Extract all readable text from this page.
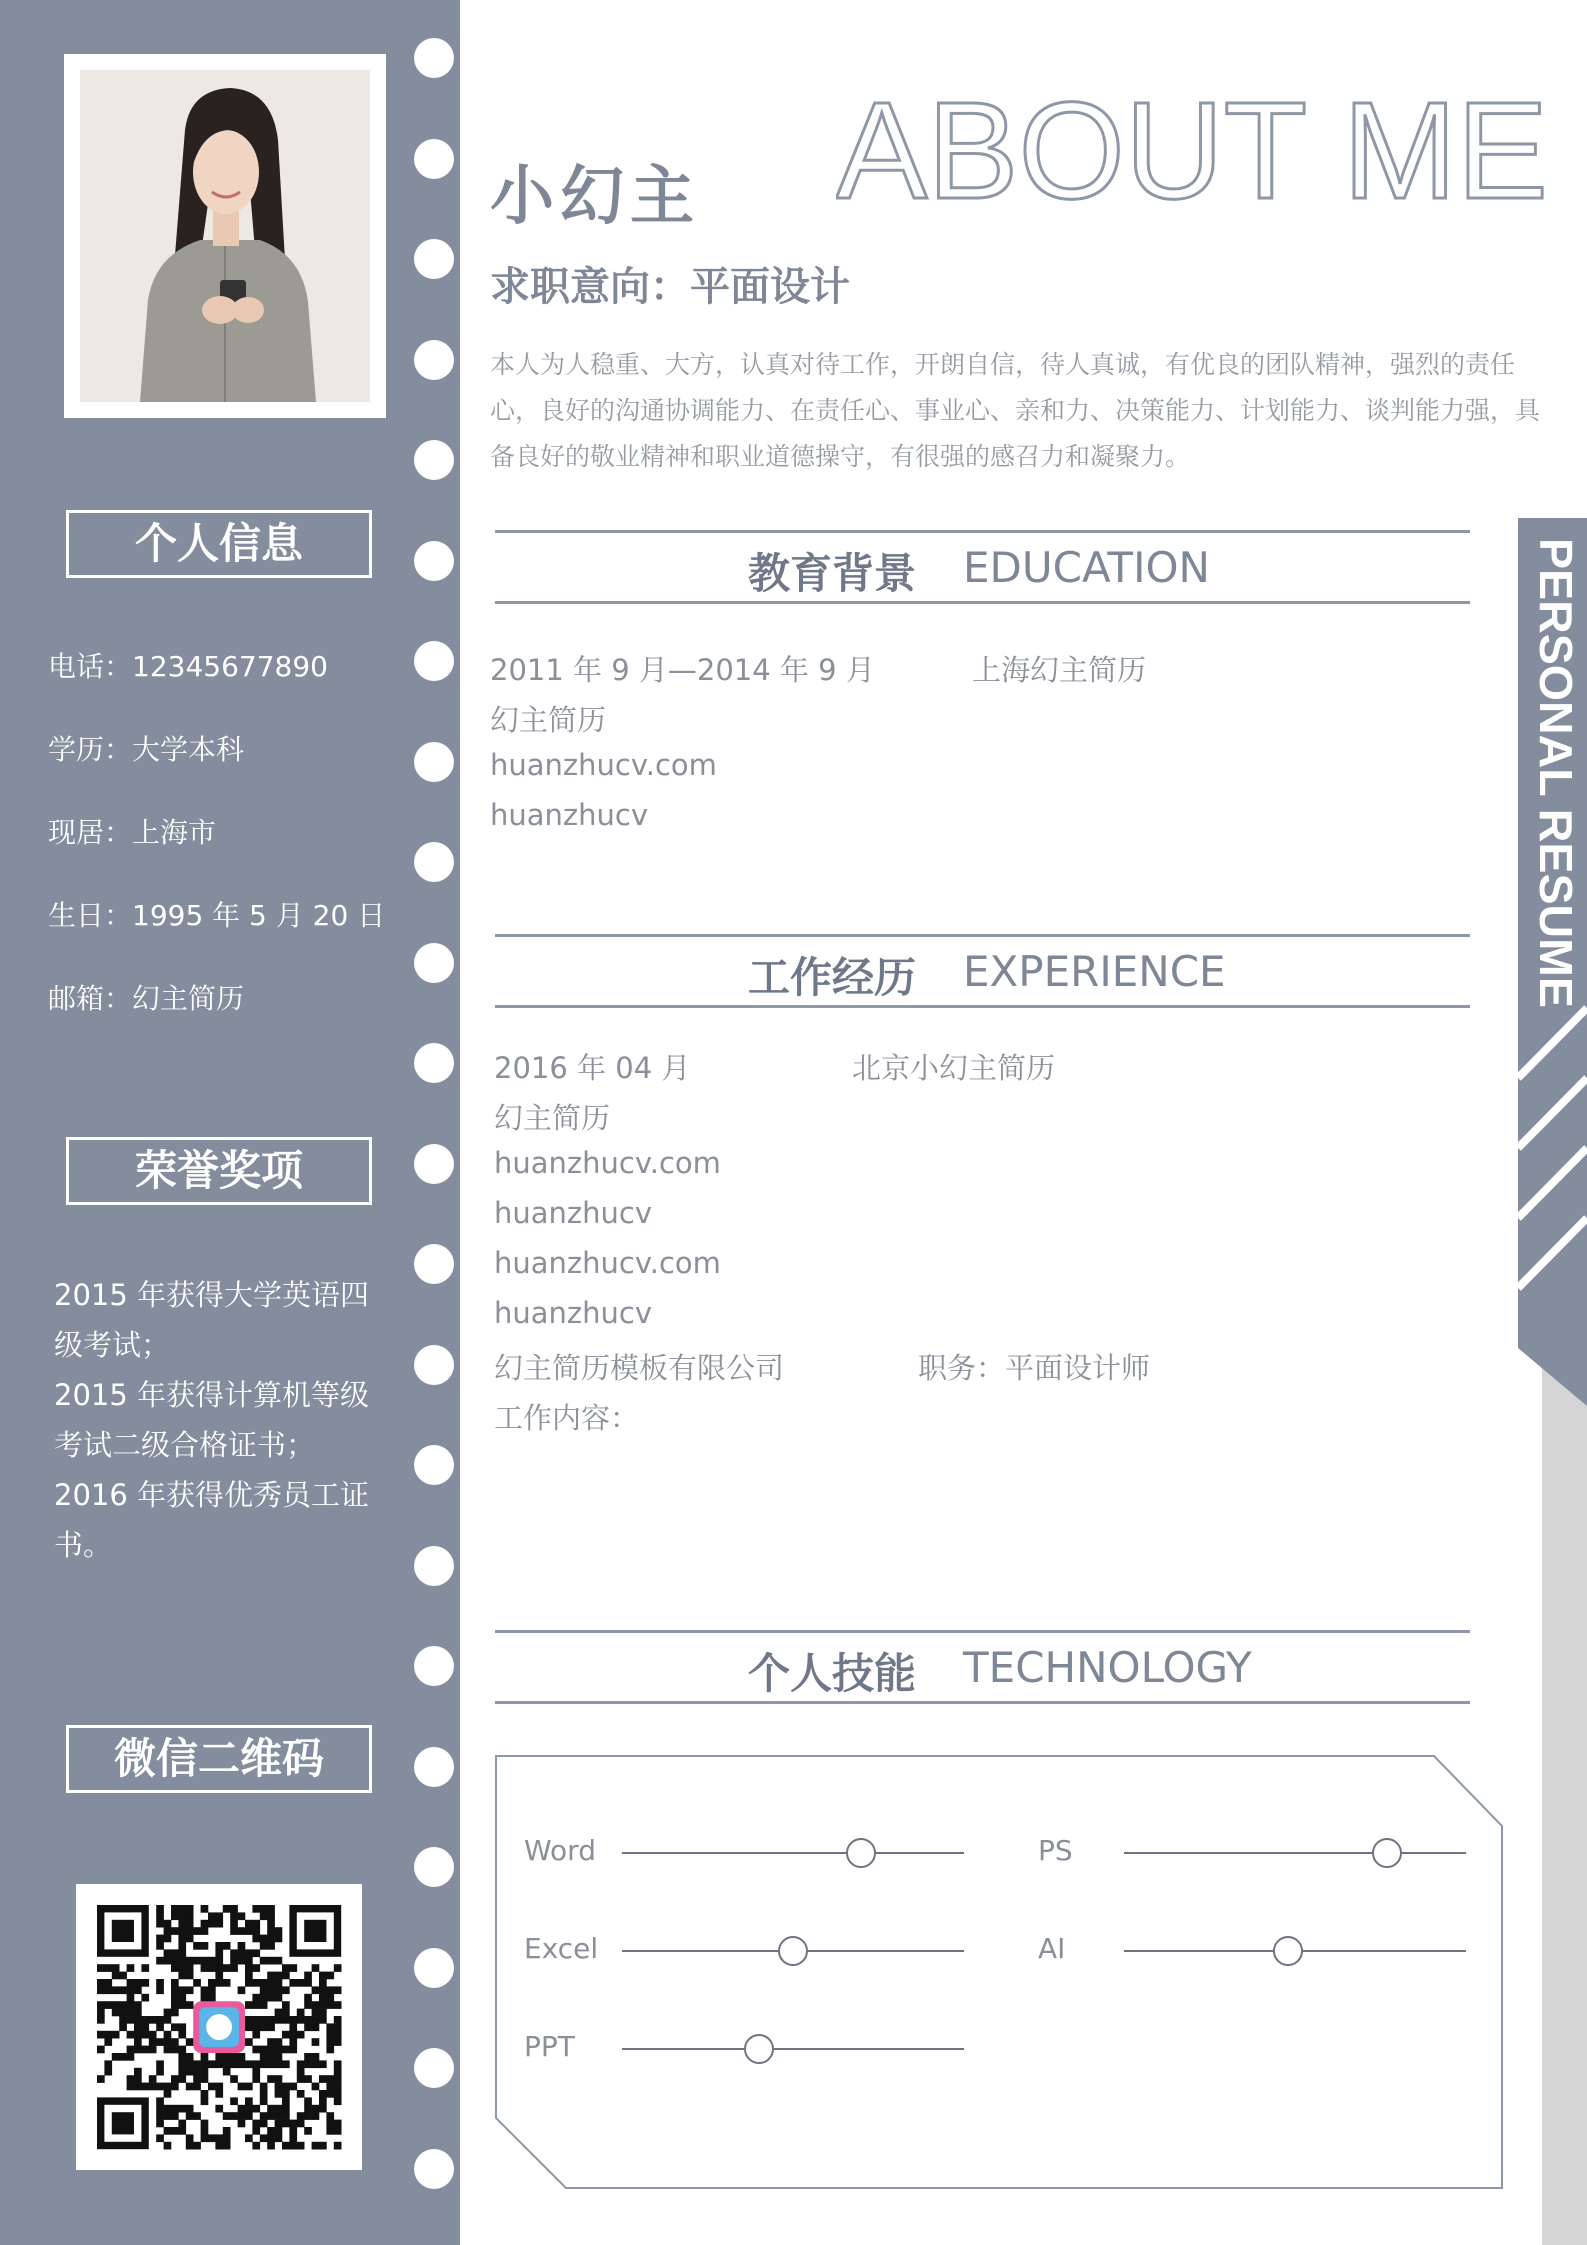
个人信息
电话：12345677890
学历：大学本科
现居：上海市
生日：1995 年 5 月 20 日
邮箱：幻主简历
荣誉奖项
2015 年获得大学英语四
级考试；
2015 年获得计算机等级
考试二级合格证书；
2016 年获得优秀员工证
书。
微信二维码
小幻主 ABOUT ME
求职意向：平面设计
本人为人稳重、大方，认真对待工作，开朗自信，待人真诚，有优良的团队精神，强烈的责任心，良好的沟通协调能力、在责任心、事业心、亲和力、决策能力、计划能力、谈判能力强，具备良好的敬业精神和职业道德操守，有很强的感召力和凝聚力。
教育背景 EDUCATION
2011 年 9 月—2014 年 9 月	上海幻主简历
幻主简历
huanzhucv.com
huanzhucv
工作经历 EXPERIENCE
2016 年 04 月	北京小幻主简历
幻主简历
huanzhucv.com
huanzhucv
huanzhucv.com
huanzhucv
幻主简历模板有限公司	职务：平面设计师
工作内容：
个人技能 TECHNOLOGY
Word
Excel
PPT
PS
AI
PERSONAL RESUME
